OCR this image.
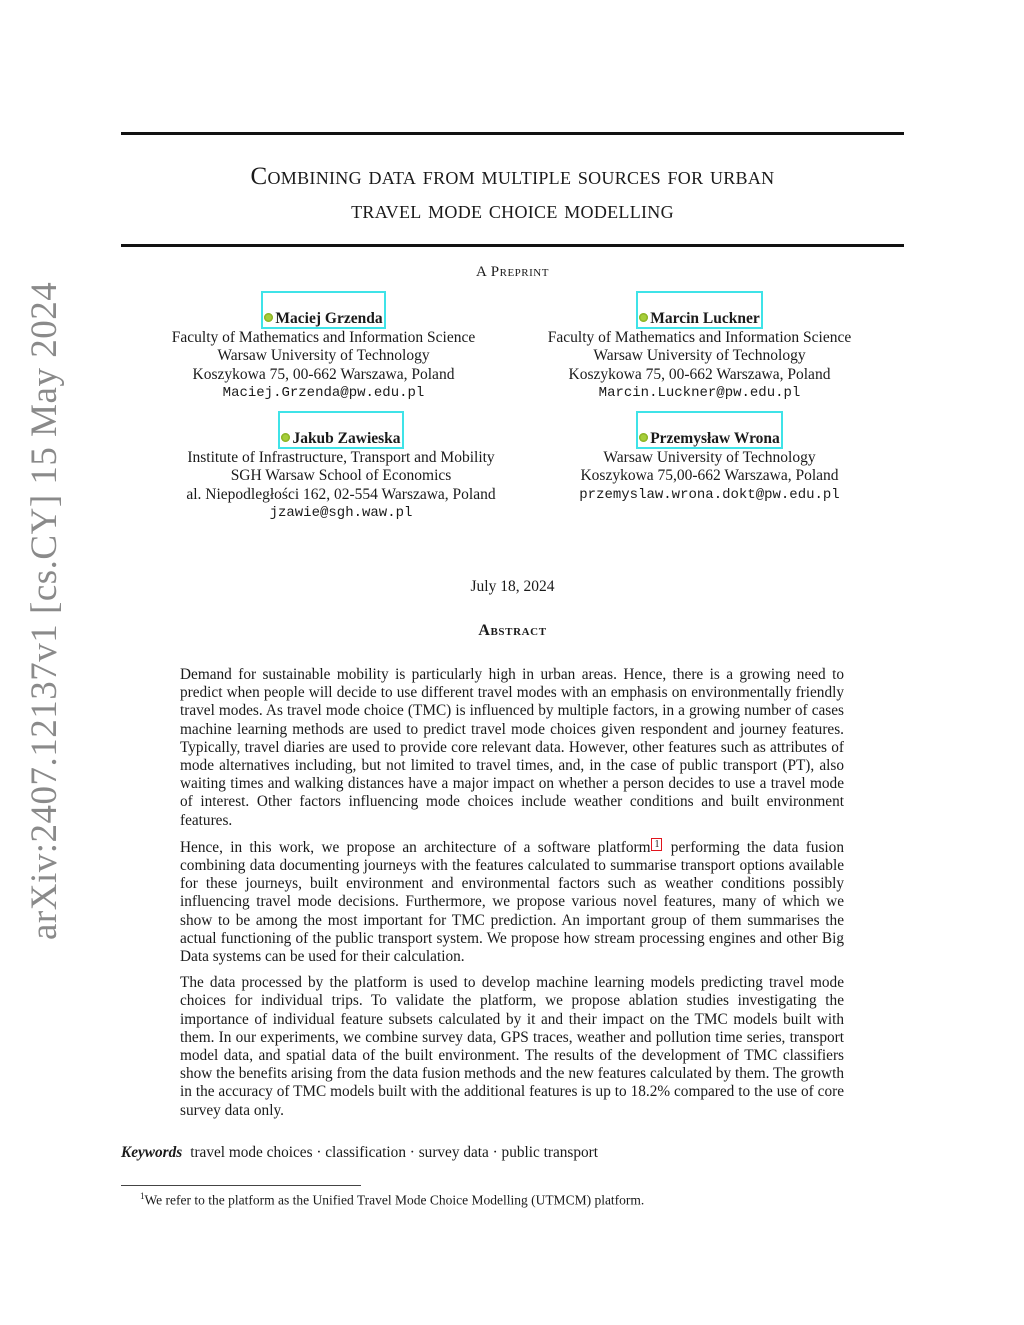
arXiv:2407.12137v1 [cs.CY] 15 May 2024
Combining data from multiple sources for urban
travel mode choice modelling
A Preprint
Maciej Grzenda
Faculty of Mathematics and Information Science
Warsaw University of Technology
Koszykowa 75, 00-662 Warszawa, Poland
Maciej.Grzenda@pw.edu.pl
Marcin Luckner
Faculty of Mathematics and Information Science
Warsaw University of Technology
Koszykowa 75, 00-662 Warszawa, Poland
Marcin.Luckner@pw.edu.pl
Jakub Zawieska
Institute of Infrastructure, Transport and Mobility
SGH Warsaw School of Economics
al. Niepodległości 162, 02-554 Warszawa, Poland
jzawie@sgh.waw.pl
Przemysław Wrona
Warsaw University of Technology
Koszykowa 75,00-662 Warszawa, Poland
przemyslaw.wrona.dokt@pw.edu.pl
July 18, 2024
Abstract

Demand for sustainable mobility is particularly high in urban areas. Hence, there is a growing need to predict when people will decide to use different travel modes with an emphasis on environmentally friendly travel modes. As travel mode choice (TMC) is influenced by multiple factors, in a growing number of cases machine learning methods are used to predict travel mode choices given respondent and journey features. Typically, travel diaries are used to provide core relevant data. However, other features such as attributes of mode alternatives including, but not limited to travel times, and, in the case of public transport (PT), also waiting times and walking distances have a major impact on whether a person decides to use a travel mode of interest. Other factors influencing mode choices include weather conditions and built environment features.

Hence, in this work, we propose an architecture of a software platform 1 performing the data fusion combining data documenting journeys with the features calculated to summarise transport options available for these journeys, built environment and environmental factors such as weather conditions possibly influencing travel mode decisions. Furthermore, we propose various novel features, many of which we show to be among the most important for TMC prediction. An important group of them summarises the actual functioning of the public transport system. We propose how stream processing engines and other Big Data systems can be used for their calculation.

The data processed by the platform is used to develop machine learning models predicting travel mode choices for individual trips. To validate the platform, we propose ablation studies investigating the importance of individual feature subsets calculated by it and their impact on the TMC models built with them. In our experiments, we combine survey data, GPS traces, weather and pollution time series, transport model data, and spatial data of the built environment. The results of the development of TMC classifiers show the benefits arising from the data fusion methods and the new features calculated by them. The growth in the accuracy of TMC models built with the additional features is up to 18.2% compared to the use of core survey data only.

Keywords travel mode choices · classification · survey data · public transport
$^1$We refer to the platform as the Unified Travel Mode Choice Modelling (UTMCM) platform.
